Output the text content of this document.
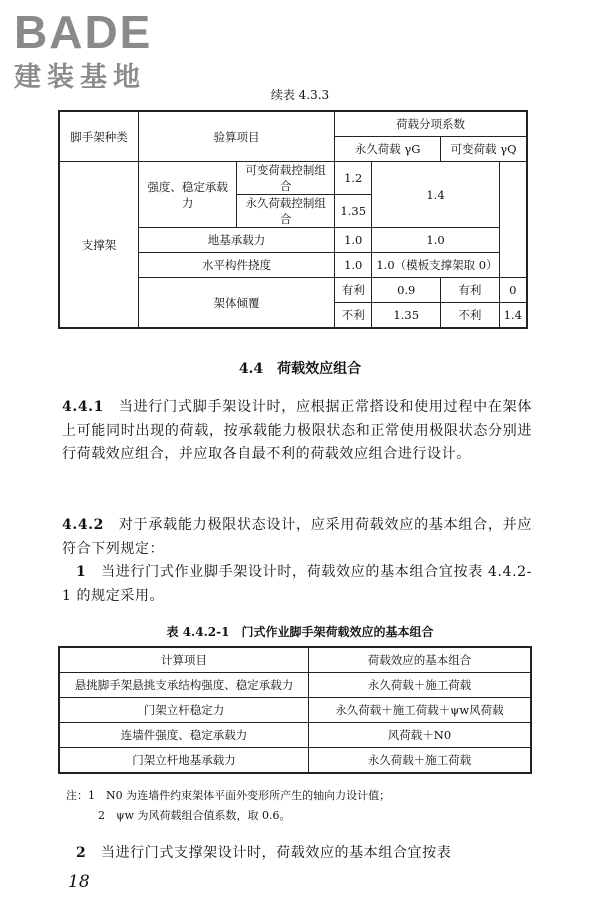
BADE
建装基地
续表 4.3.3
脚手架种类	验算项目		荷载分项系数			
			永久荷载 γG		可变荷载 γQ	
支撑架	强度、稳定承载力	可变荷载控制组合	1.2	1.4		
		永久荷载控制组合	1.35			
	地基承载力		1.0	1.0		
	水平构件挠度		1.0	1.0（模板支撑架取 0）		
	架体倾覆		有利	0.9	有利	0
			不利	1.35	不利	1.4
4.4　荷载效应组合
4.4.1　 当进行门式脚手架设计时，应根据正常搭设和使用过程中在架体上可能同时出现的荷载，按承载能力极限状态和正常使用极限状态分别进行荷载效应组合，并应取各自最不利的荷载效应组合进行设计。
4.4.2　 对于承载能力极限状态设计，应采用荷载效应的基本组合，并应符合下列规定：
1　 当进行门式作业脚手架设计时，荷载效应的基本组合宜按表 4.4.2-1 的规定采用。
表 4.4.2-1　门式作业脚手架荷载效应的基本组合
计算项目	荷载效应的基本组合
悬挑脚手架悬挑支承结构强度、稳定承载力	永久荷载＋施工荷载
门架立杆稳定力	永久荷载＋施工荷载＋ψw风荷载
连墙件强度、稳定承载力	风荷载＋N0
门架立杆地基承载力	永久荷载＋施工荷载
注：1　N0 为连墙件约束架体平面外变形所产生的轴向力设计值；
2　ψw 为风荷载组合值系数，取 0.6。
2　 当进行门式支撑架设计时，荷载效应的基本组合宜按表
18
